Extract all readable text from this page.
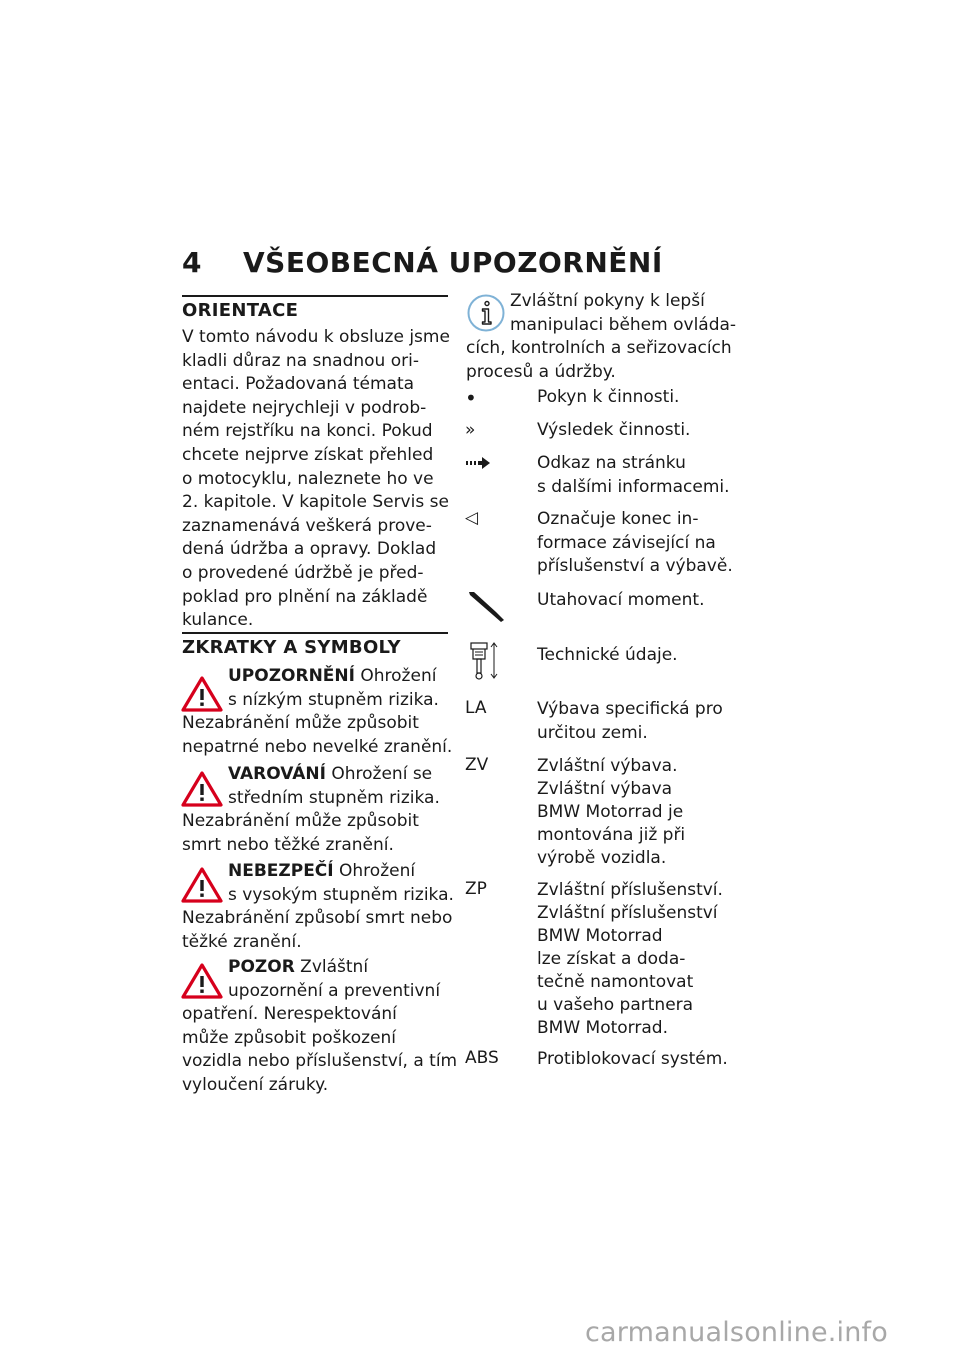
4 VŠEOBECNÁ UPOZORNĚNÍ
ORIENTACE
V tomto návodu k obsluze jsme
kladli důraz na snadnou ori-
entaci. Požadovaná témata
najdete nejrychleji v podrob-
ném rejstříku na konci. Pokud
chcete nejprve získat přehled
o motocyklu, naleznete ho ve
2. kapitole. V kapitole Servis se
zaznamenává veškerá prove-
dená údržba a opravy. Doklad
o provedené údržbě je před-
poklad pro plnění na základě
kulance.
ZKRATKY A SYMBOLY
UPOZORNĚNÍ Ohrožení
s nízkým stupněm rizika.
Nezabránění může způsobit
nepatrné nebo nevelké zranění.
VAROVÁNÍ Ohrožení se
středním stupněm rizika.
Nezabránění může způsobit
smrt nebo těžké zranění.
NEBEZPEČÍ Ohrožení
s vysokým stupněm rizika.
Nezabránění způsobí smrt nebo
těžké zranění.
POZOR Zvláštní
upozornění a preventivní
opatření. Nerespektování
může způsobit poškození
vozidla nebo příslušenství, a tím
vyloučení záruky.
Zvláštní pokyny k lepší
manipulaci během ovláda-
cích, kontrolních a seřizovacích
procesů a údržby.
•	Pokyn k činnosti.
»	Výsledek činnosti.
Odkaz na stránku
s dalšími informacemi.
◁	Označuje konec in-
formace závisející na
příslušenství a výbavě.
Utahovací moment.
Technické údaje.
LA	Výbava specifická pro
určitou zemi.
ZV	Zvláštní výbava.
Zvláštní výbava
BMW Motorrad je
montována již při
výrobě vozidla.
ZP	Zvláštní příslušenství.
Zvláštní příslušenství
BMW Motorrad
lze získat a doda-
tečně namontovat
u vašeho partnera
BMW Motorrad.
ABS Protiblokovací systém.
carmanualsonline.info
